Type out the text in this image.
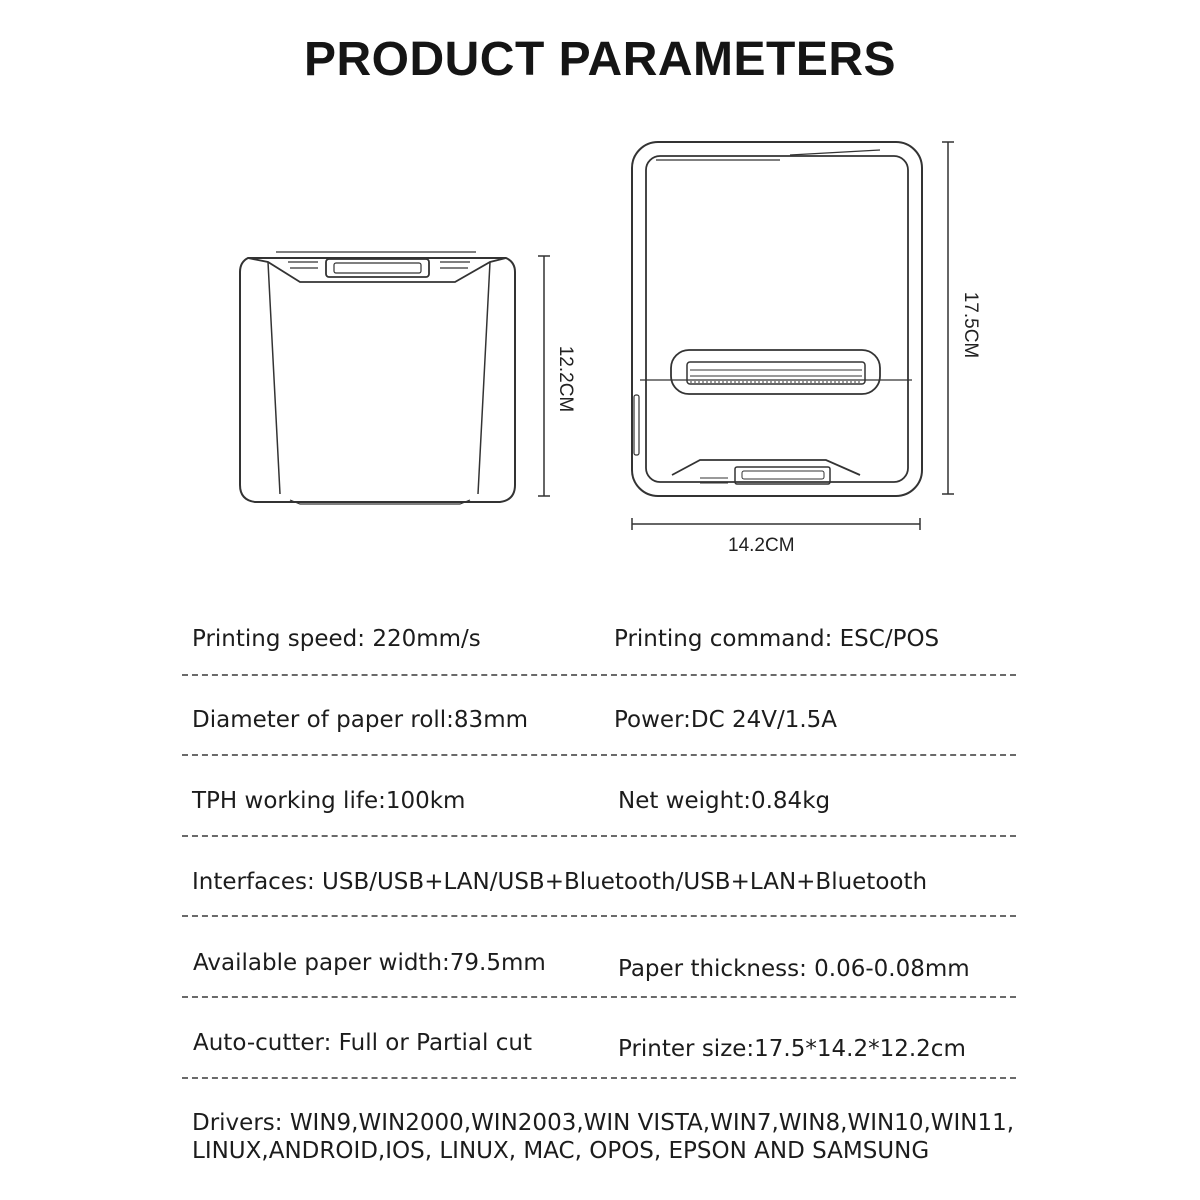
PRODUCT PARAMETERS
12.2CM
17.5CM
14.2CM
Printing speed: 220mm/s	Printing command: ESC/POS
Diameter of paper roll:83mm	Power:DC 24V/1.5A
TPH working life:100km	Net weight:0.84kg
Interfaces: USB/USB+LAN/USB+Bluetooth/USB+LAN+Bluetooth
Available paper width:79.5mm	Paper thickness: 0.06-0.08mm
Auto-cutter: Full or Partial cut	Printer size:17.5*14.2*12.2cm
Drivers: WIN9,WIN2000,WIN2003,WIN VISTA,WIN7,WIN8,WIN10,WIN11,
LINUX,ANDROID,IOS, LINUX, MAC, OPOS, EPSON AND SAMSUNG
